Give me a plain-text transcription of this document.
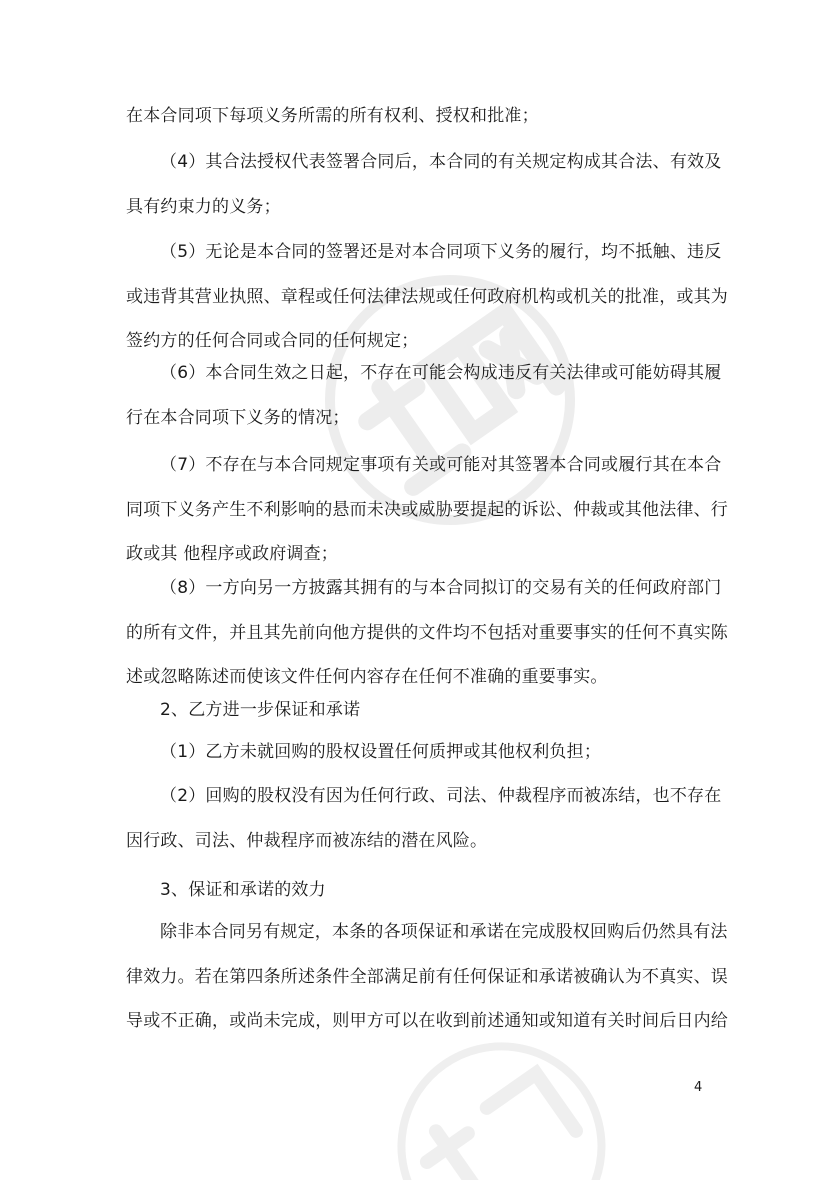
在本合同项下每项义务所需的所有权利、授权和批准；
（4）其合法授权代表签署合同后，本合同的有关规定构成其合法、有效及
具有约束力的义务；
（5）无论是本合同的签署还是对本合同项下义务的履行，均不抵触、违反
或违背其营业执照、章程或任何法律法规或任何政府机构或机关的批准，或其为
签约方的任何合同或合同的任何规定；
（6）本合同生效之日起，不存在可能会构成违反有关法律或可能妨碍其履
行在本合同项下义务的情况；
（7）不存在与本合同规定事项有关或可能对其签署本合同或履行其在本合
同项下义务产生不利影响的悬而未决或威胁要提起的诉讼、仲裁或其他法律、行
政或其 他程序或政府调查；
（8）一方向另一方披露其拥有的与本合同拟订的交易有关的任何政府部门
的所有文件，并且其先前向他方提供的文件均不包括对重要事实的任何不真实陈
述或忽略陈述而使该文件任何内容存在任何不准确的重要事实。
2、乙方进一步保证和承诺
（1）乙方未就回购的股权设置任何质押或其他权利负担；
（2）回购的股权没有因为任何行政、司法、仲裁程序而被冻结，也不存在
因行政、司法、仲裁程序而被冻结的潜在风险。
3、保证和承诺的效力
除非本合同另有规定，本条的各项保证和承诺在完成股权回购后仍然具有法
律效力。若在第四条所述条件全部满足前有任何保证和承诺被确认为不真实、误
导或不正确，或尚未完成，则甲方可以在收到前述通知或知道有关时间后日内给
4
